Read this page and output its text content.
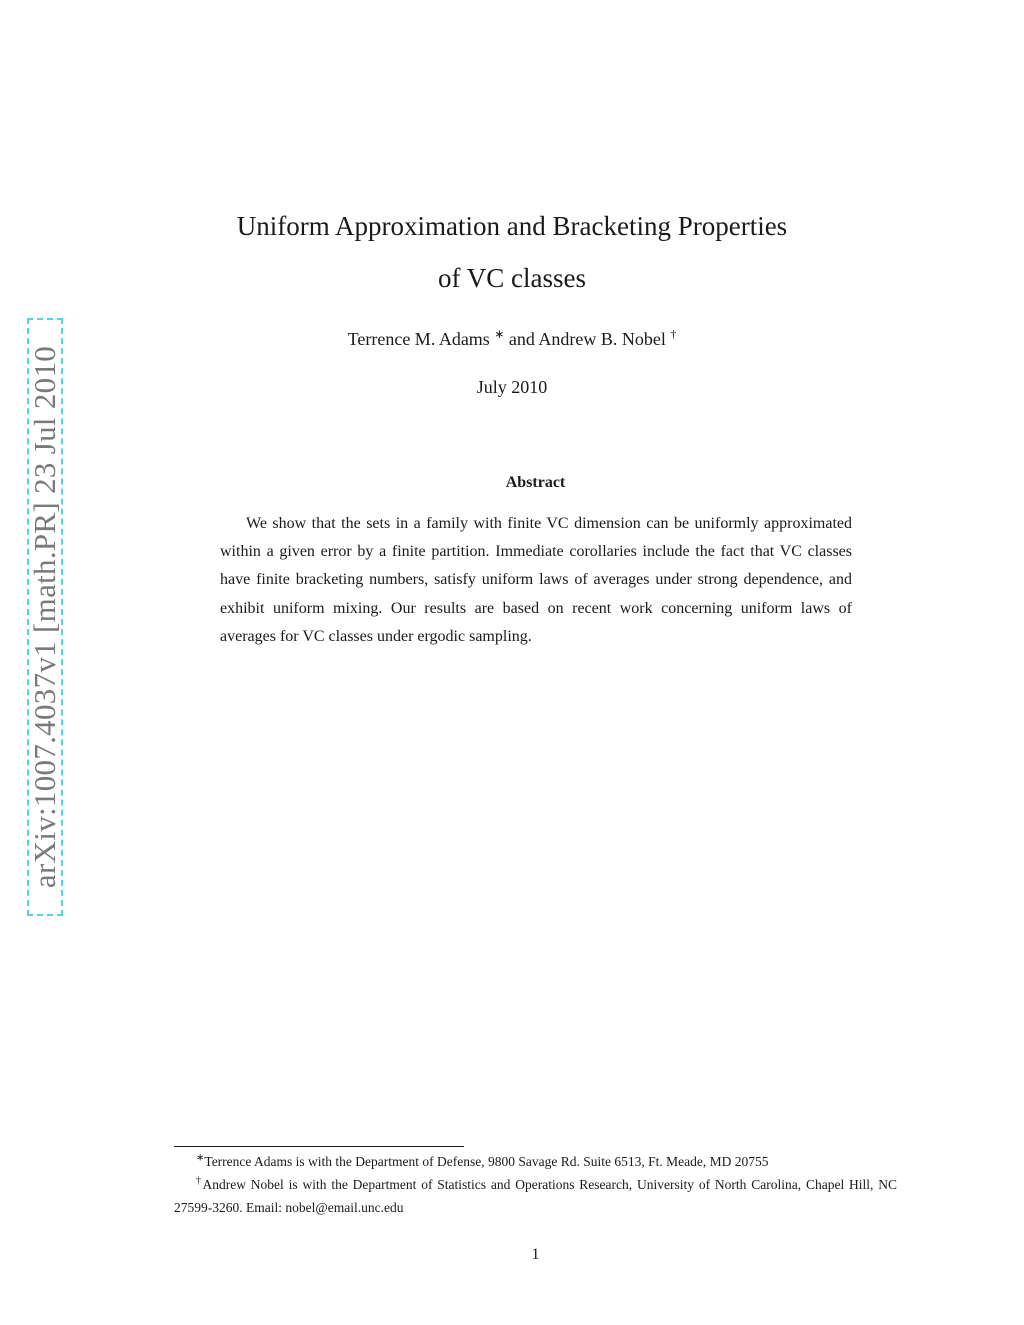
arXiv:1007.4037v1 [math.PR] 23 Jul 2010
Uniform Approximation and Bracketing Properties
of VC classes
Terrence M. Adams ∗ and Andrew B. Nobel †
July 2010
Abstract
We show that the sets in a family with finite VC dimension can be uniformly approximated within a given error by a finite partition. Immediate corollaries include the fact that VC classes have finite bracketing numbers, satisfy uniform laws of averages under strong dependence, and exhibit uniform mixing. Our results are based on recent work concerning uniform laws of averages for VC classes under ergodic sampling.

∗Terrence Adams is with the Department of Defense, 9800 Savage Rd. Suite 6513, Ft. Meade, MD 20755

†Andrew Nobel is with the Department of Statistics and Operations Research, University of North Carolina, Chapel Hill, NC 27599-3260. Email: nobel@email.unc.edu

1
